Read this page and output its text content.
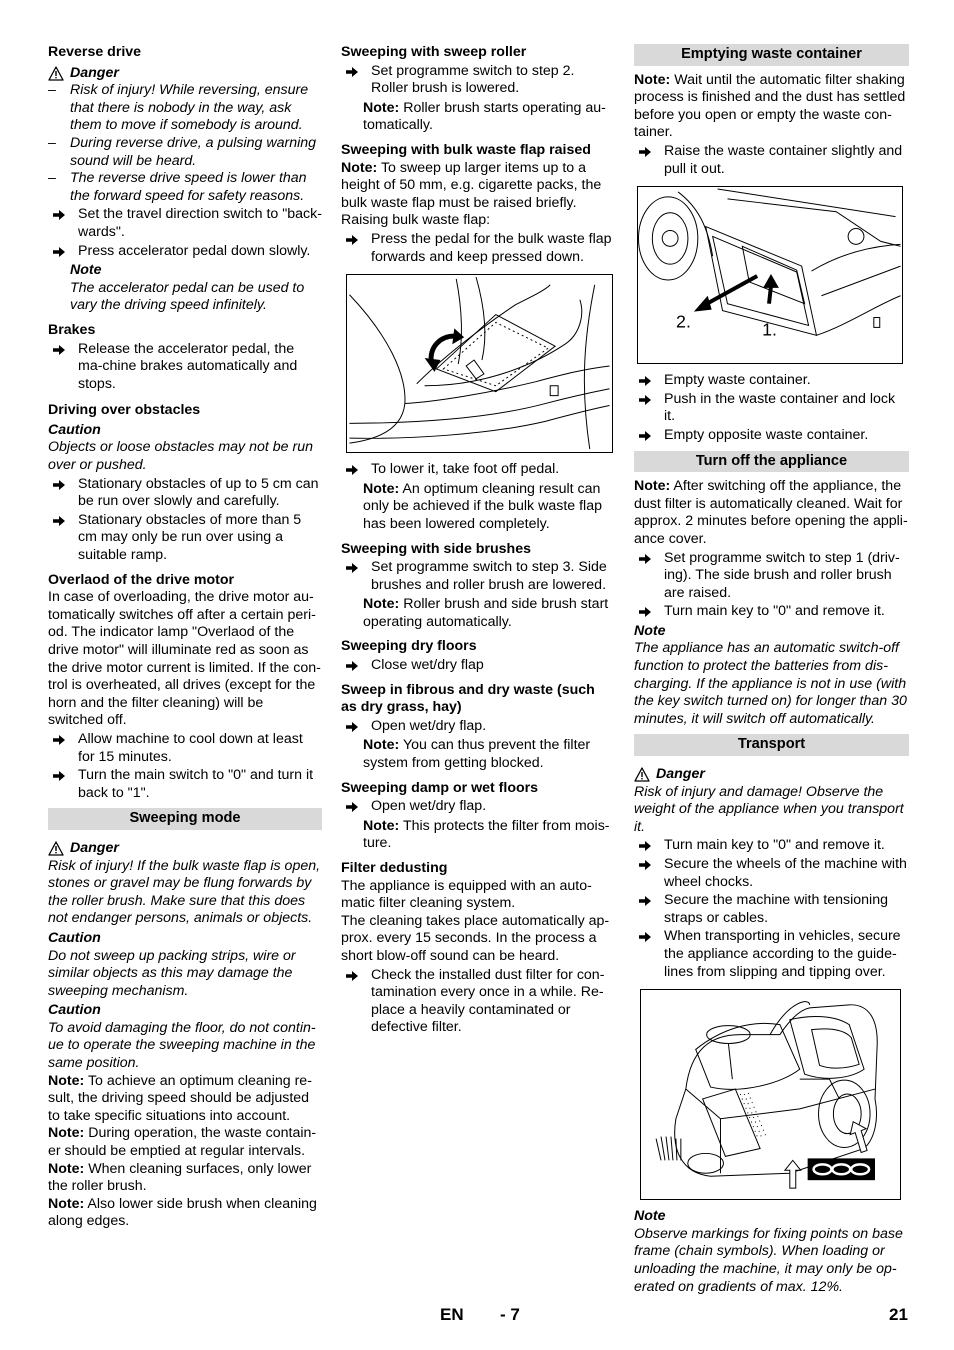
Reverse drive
Danger
– Risk of injury! While reversing, ensure that there is nobody in the way, ask them to move if somebody is around.
– During reverse drive, a pulsing warning sound will be heard.
– The reverse drive speed is lower than the forward speed for safety reasons.
Set the travel direction switch to "back-wards".
Press accelerator pedal down slowly.
Note
The accelerator pedal can be used to vary the driving speed infinitely.
Brakes
Release the accelerator pedal, the ma-chine brakes automatically and stops.
Driving over obstacles
Caution
Objects or loose obstacles may not be run over or pushed.
Stationary obstacles of up to 5 cm can be run over slowly and carefully.
Stationary obstacles of more than 5 cm may only be run over using a suitable ramp.
Overlaod of the drive motor
In case of overloading, the drive motor au-tomatically switches off after a certain peri-od. The indicator lamp "Overlaod of the drive motor" will illuminate red as soon as the drive motor current is limited. If the con-trol is overheated, all drives (except for the horn and the filter cleaning) will be switched off.
Allow machine to cool down at least for 15 minutes.
Turn the main switch to "0" and turn it back to "1".
Sweeping mode
Danger
Risk of injury! If the bulk waste flap is open, stones or gravel may be flung forwards by the roller brush. Make sure that this does not endanger persons, animals or objects.
Caution
Do not sweep up packing strips, wire or similar objects as this may damage the sweeping mechanism.
Caution
To avoid damaging the floor, do not contin-ue to operate the sweeping machine in the same position.
Note: To achieve an optimum cleaning re-sult, the driving speed should be adjusted to take specific situations into account.
Note: During operation, the waste contain-er should be emptied at regular intervals.
Note: When cleaning surfaces, only lower the roller brush.
Note: Also lower side brush when cleaning along edges.
Sweeping with sweep roller
Set programme switch to step 2. Roller brush is lowered.
Note: Roller brush starts operating au-tomatically.
Sweeping with bulk waste flap raised
Note: To sweep up larger items up to a height of 50 mm, e.g. cigarette packs, the bulk waste flap must be raised briefly.
Raising bulk waste flap:
Press the pedal for the bulk waste flap forwards and keep pressed down.
To lower it, take foot off pedal.
Note: An optimum cleaning result can only be achieved if the bulk waste flap has been lowered completely.
Sweeping with side brushes
Set programme switch to step 3. Side brushes and roller brush are lowered.
Note: Roller brush and side brush start operating automatically.
Sweeping dry floors
Close wet/dry flap
Sweep in fibrous and dry waste (such as dry grass, hay)
Open wet/dry flap.
Note: You can thus prevent the filter system from getting blocked.
Sweeping damp or wet floors
Open wet/dry flap.
Note: This protects the filter from mois-ture.
Filter dedusting
The appliance is equipped with an auto-matic filter cleaning system.
The cleaning takes place automatically ap-prox. every 15 seconds. In the process a short blow-off sound can be heard.
Check the installed dust filter for con-tamination every once in a while. Re-place a heavily contaminated or defective filter.
Emptying waste container
Note: Wait until the automatic filter shaking process is finished and the dust has settled before you open or empty the waste con-tainer.
Raise the waste container slightly and pull it out.
2.	1.
Empty waste container.
Push in the waste container and lock it.
Empty opposite waste container.
Turn off the appliance
Note: After switching off the appliance, the dust filter is automatically cleaned. Wait for approx. 2 minutes before opening the appli-ance cover.
Set programme switch to step 1 (driv-ing). The side brush and roller brush are raised.
Turn main key to "0" and remove it.
Note
The appliance has an automatic switch-off function to protect the batteries from dis-charging. If the appliance is not in use (with the key switch turned on) for longer than 30 minutes, it will switch off automatically.
Transport
Danger
Risk of injury and damage! Observe the weight of the appliance when you transport it.
Turn main key to "0" and remove it.
Secure the wheels of the machine with wheel chocks.
Secure the machine with tensioning straps or cables.
When transporting in vehicles, secure the appliance according to the guide-lines from slipping and tipping over.
Note
Observe markings for fixing points on base frame (chain symbols). When loading or unloading the machine, it may only be op-erated on gradients of max. 12%.
EN - 7	21
